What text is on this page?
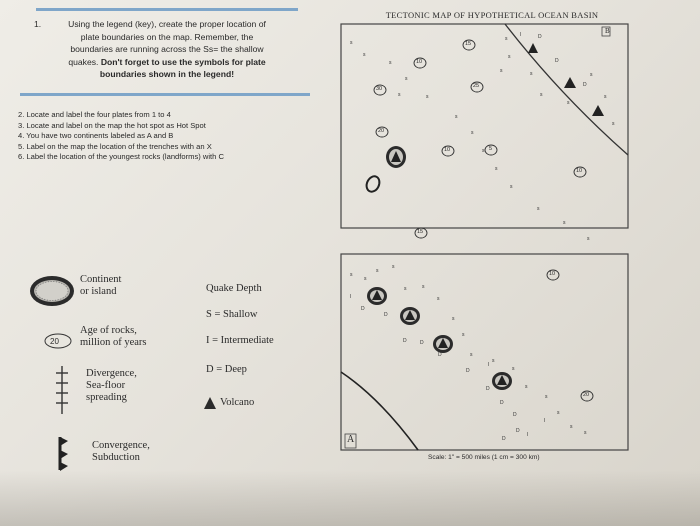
1.	Using the legend (key), create the proper location of
plate boundaries on the map. Remember, the
boundaries are running across the Ss= the shallow
quakes. Don't forget to use the symbols for plate
boundaries shown in the legend!
2. Locate and label the four plates from 1 to 4
3. Locate and label on the map the hot spot as Hot Spot
4. You have two continents labeled as A and B
5. Label on the map the location of the trenches with an X
6. Label the location of the youngest rocks (landforms) with C
Continent
or island
20
Age of rocks,
million of years
Divergence,
Sea-floor
spreading
Convergence,
Subduction
Quake Depth
S = Shallow
I = Intermediate
D = Deep
Volcano
TECTONIC MAP OF HYPOTHETICAL OCEAN BASIN
s
s
s
s
s	s
s
s
s
s
s
s
s
s
s
s
s	s
s
s
s
s
s
I	D
D
D
s
s
s
s
s	s
s
s
s
s
s
s
s
s
s
s
s
I
D
D
D	D
D
D
D
D
D
D
D
I
I
I
15
10
25
30
20
5
10
10
15
10
20
B
A
Scale: 1" = 500 miles (1 cm = 300 km)
